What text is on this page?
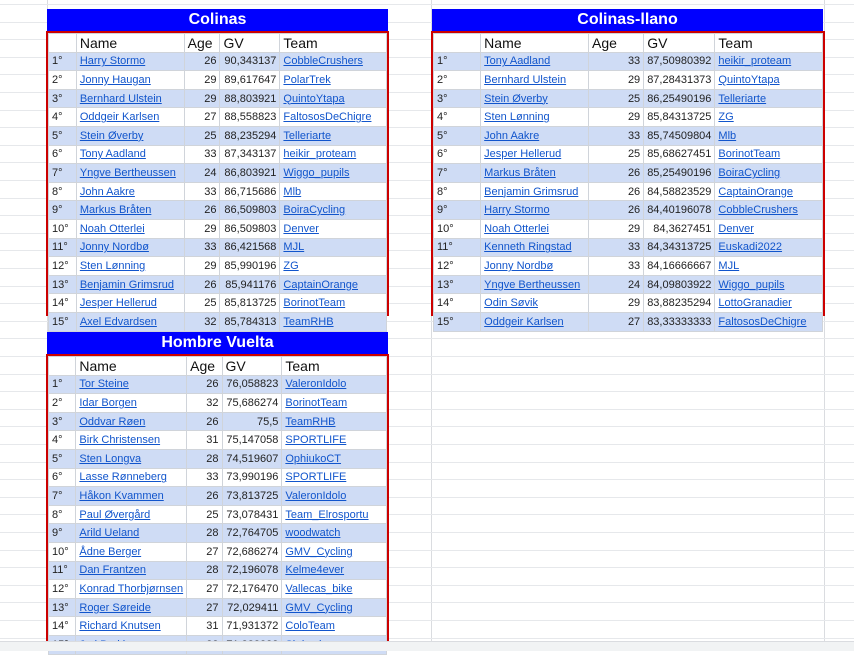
Colinas
	Name	Age	GV	Team
1°	Harry Stormo	26	90,343137	CobbleCrushers
2°	Jonny Haugan	29	89,617647	PolarTrek
3°	Bernhard Ulstein	29	88,803921	QuintoYtapa
4°	Oddgeir Karlsen	27	88,558823	FaltososDeChigre
5°	Stein Øverby	25	88,235294	Telleriarte
6°	Tony Aadland	33	87,343137	heikir_proteam
7°	Yngve Bertheussen	24	86,803921	Wiggo_pupils
8°	John Aakre	33	86,715686	Mlb
9°	Markus Bråten	26	86,509803	BoiraCycling
10°	Noah Otterlei	29	86,509803	Denver
11°	Jonny Nordbø	33	86,421568	MJL
12°	Sten Lønning	29	85,990196	ZG
13°	Benjamin Grimsrud	26	85,941176	CaptainOrange
14°	Jesper Hellerud	25	85,813725	BorinotTeam
15°	Axel Edvardsen	32	85,784313	TeamRHB
Colinas-llano
	Name	Age	GV	Team
1°	Tony Aadland	33	87,50980392	heikir_proteam
2°	Bernhard Ulstein	29	87,28431373	QuintoYtapa
3°	Stein Øverby	25	86,25490196	Telleriarte
4°	Sten Lønning	29	85,84313725	ZG
5°	John Aakre	33	85,74509804	Mlb
6°	Jesper Hellerud	25	85,68627451	BorinotTeam
7°	Markus Bråten	26	85,25490196	BoiraCycling
8°	Benjamin Grimsrud	26	84,58823529	CaptainOrange
9°	Harry Stormo	26	84,40196078	CobbleCrushers
10°	Noah Otterlei	29	84,3627451	Denver
11°	Kenneth Ringstad	33	84,34313725	Euskadi2022
12°	Jonny Nordbø	33	84,16666667	MJL
13°	Yngve Bertheussen	24	84,09803922	Wiggo_pupils
14°	Odin Søvik	29	83,88235294	LottoGranadier
15°	Oddgeir Karlsen	27	83,33333333	FaltososDeChigre
Hombre Vuelta
	Name	Age	GV	Team
1°	Tor Steine	26	76,058823	ValeronIdolo
2°	Idar Borgen	32	75,686274	BorinotTeam
3°	Oddvar Røen	26	75,5	TeamRHB
4°	Birk Christensen	31	75,147058	SPORTLIFE
5°	Sten Longva	28	74,519607	OphiukoCT
6°	Lasse Rønneberg	33	73,990196	SPORTLIFE
7°	Håkon Kvammen	26	73,813725	ValeronIdolo
8°	Paul Øvergård	25	73,078431	Team_Elrosportu
9°	Arild Ueland	28	72,764705	woodwatch
10°	Ådne Berger	27	72,686274	GMV_Cycling
11°	Dan Frantzen	28	72,196078	Kelme4ever
12°	Konrad Thorbjørnsen	27	72,176470	Vallecas_bike
13°	Roger Søreide	27	72,029411	GMV_Cycling
14°	Richard Knutsen	31	71,931372	ColoTeam
